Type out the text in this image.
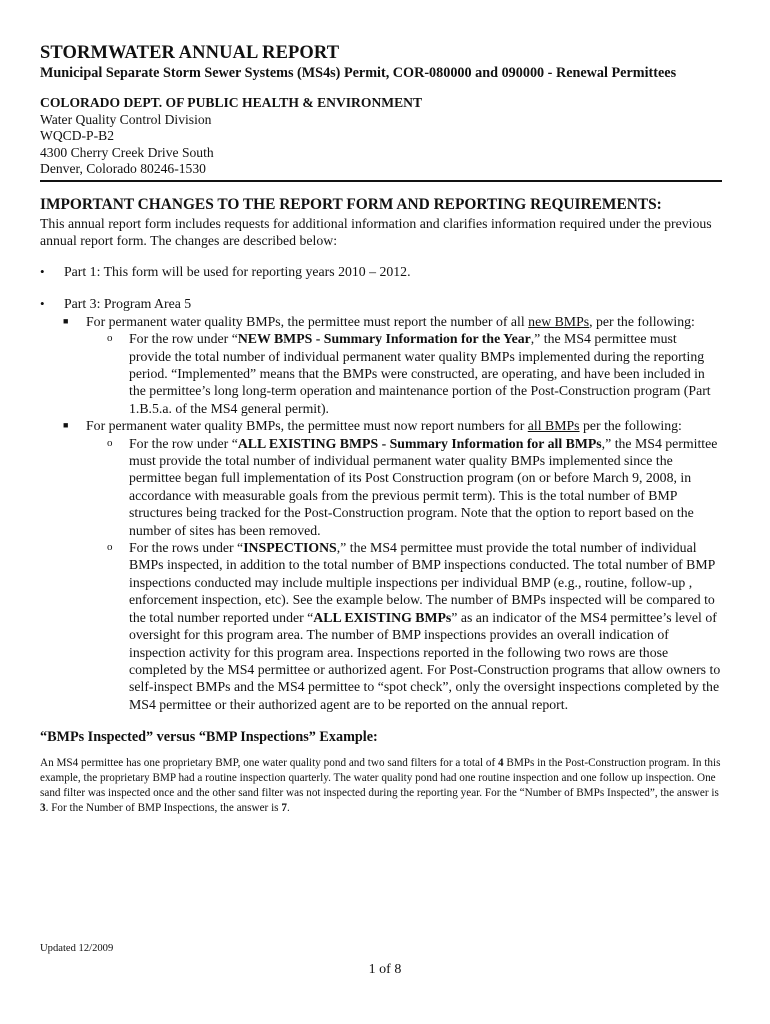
STORMWATER ANNUAL REPORT
Municipal Separate Storm Sewer Systems (MS4s) Permit, COR-080000 and 090000 - Renewal Permittees
COLORADO DEPT. OF PUBLIC HEALTH & ENVIRONMENT
Water Quality Control Division
WQCD-P-B2
4300 Cherry Creek Drive South
Denver, Colorado 80246-1530
IMPORTANT CHANGES TO THE REPORT FORM AND REPORTING REQUIREMENTS:
This annual report form includes requests for additional information and clarifies information required under the previous annual report form. The changes are described below:
• Part 1: This form will be used for reporting years 2010 – 2012.
• Part 3: Program Area 5
■ For permanent water quality BMPs, the permittee must report the number of all new BMPs, per the following:
o For the row under “NEW BMPS - Summary Information for the Year,” the MS4 permittee must provide the total number of individual permanent water quality BMPs implemented during the reporting period. “Implemented” means that the BMPs were constructed, are operating, and have been included in the permittee’s long long-term operation and maintenance portion of the Post-Construction program (Part 1.B.5.a. of the MS4 general permit).
■ For permanent water quality BMPs, the permittee must now report numbers for all BMPs per the following:
o For the row under “ALL EXISTING BMPS - Summary Information for all BMPs,” the MS4 permittee must provide the total number of individual permanent water quality BMPs implemented since the permittee began full implementation of its Post Construction program (on or before March 9, 2008, in accordance with measurable goals from the previous permit term). This is the total number of BMP structures being tracked for the Post-Construction program. Note that the option to report based on the number of sites has been removed.
o For the rows under “INSPECTIONS,” the MS4 permittee must provide the total number of individual BMPs inspected, in addition to the total number of BMP inspections conducted. The total number of BMP inspections conducted may include multiple inspections per individual BMP (e.g., routine, follow-up , enforcement inspection, etc). See the example below. The number of BMPs inspected will be compared to the total number reported under “ALL EXISTING BMPs” as an indicator of the MS4 permittee’s level of oversight for this program area. The number of BMP inspections provides an overall indication of inspection activity for this program area. Inspections reported in the following two rows are those completed by the MS4 permittee or authorized agent. For Post-Construction programs that allow owners to self-inspect BMPs and the MS4 permittee to “spot check”, only the oversight inspections completed by the MS4 permittee or their authorized agent are to be reported on the annual report.
“BMPs Inspected” versus “BMP Inspections” Example:
An MS4 permittee has one proprietary BMP, one water quality pond and two sand filters for a total of 4 BMPs in the Post-Construction program. In this example, the proprietary BMP had a routine inspection quarterly. The water quality pond had one routine inspection and one follow up inspection. One sand filter was inspected once and the other sand filter was not inspected during the reporting year. For the “Number of BMPs Inspected”, the answer is 3. For the Number of BMP Inspections, the answer is 7.
Updated 12/2009
1 of 8
